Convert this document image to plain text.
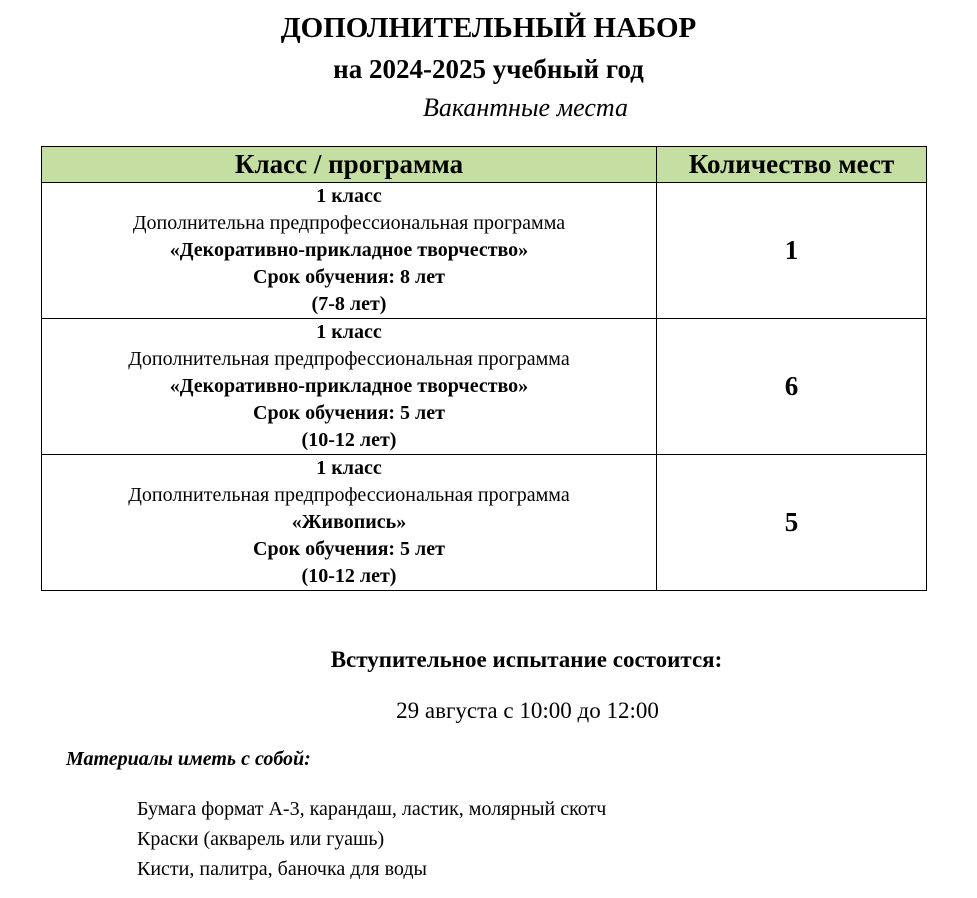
ДОПОЛНИТЕЛЬНЫЙ НАБОР
на 2024-2025 учебный год
Вакантные места
Класс / программа	Количество мест

1 класс
Дополнительна предпрофессиональная программа
«Декоративно-прикладное творчество»
Срок обучения: 8 лет
(7-8 лет)	1

1 класс
Дополнительная предпрофессиональная программа
«Декоративно-прикладное творчество»
Срок обучения: 5 лет
(10-12 лет)	6

1 класс
Дополнительная предпрофессиональная программа
«Живопись»
Срок обучения: 5 лет
(10-12 лет)	5
Вступительное испытание состоится:
29 августа с 10:00 до 12:00
Материалы иметь с собой:
Бумага формат А-3, карандаш, ластик, молярный скотч
Краски (акварель или гуашь)
Кисти, палитра, баночка для воды
